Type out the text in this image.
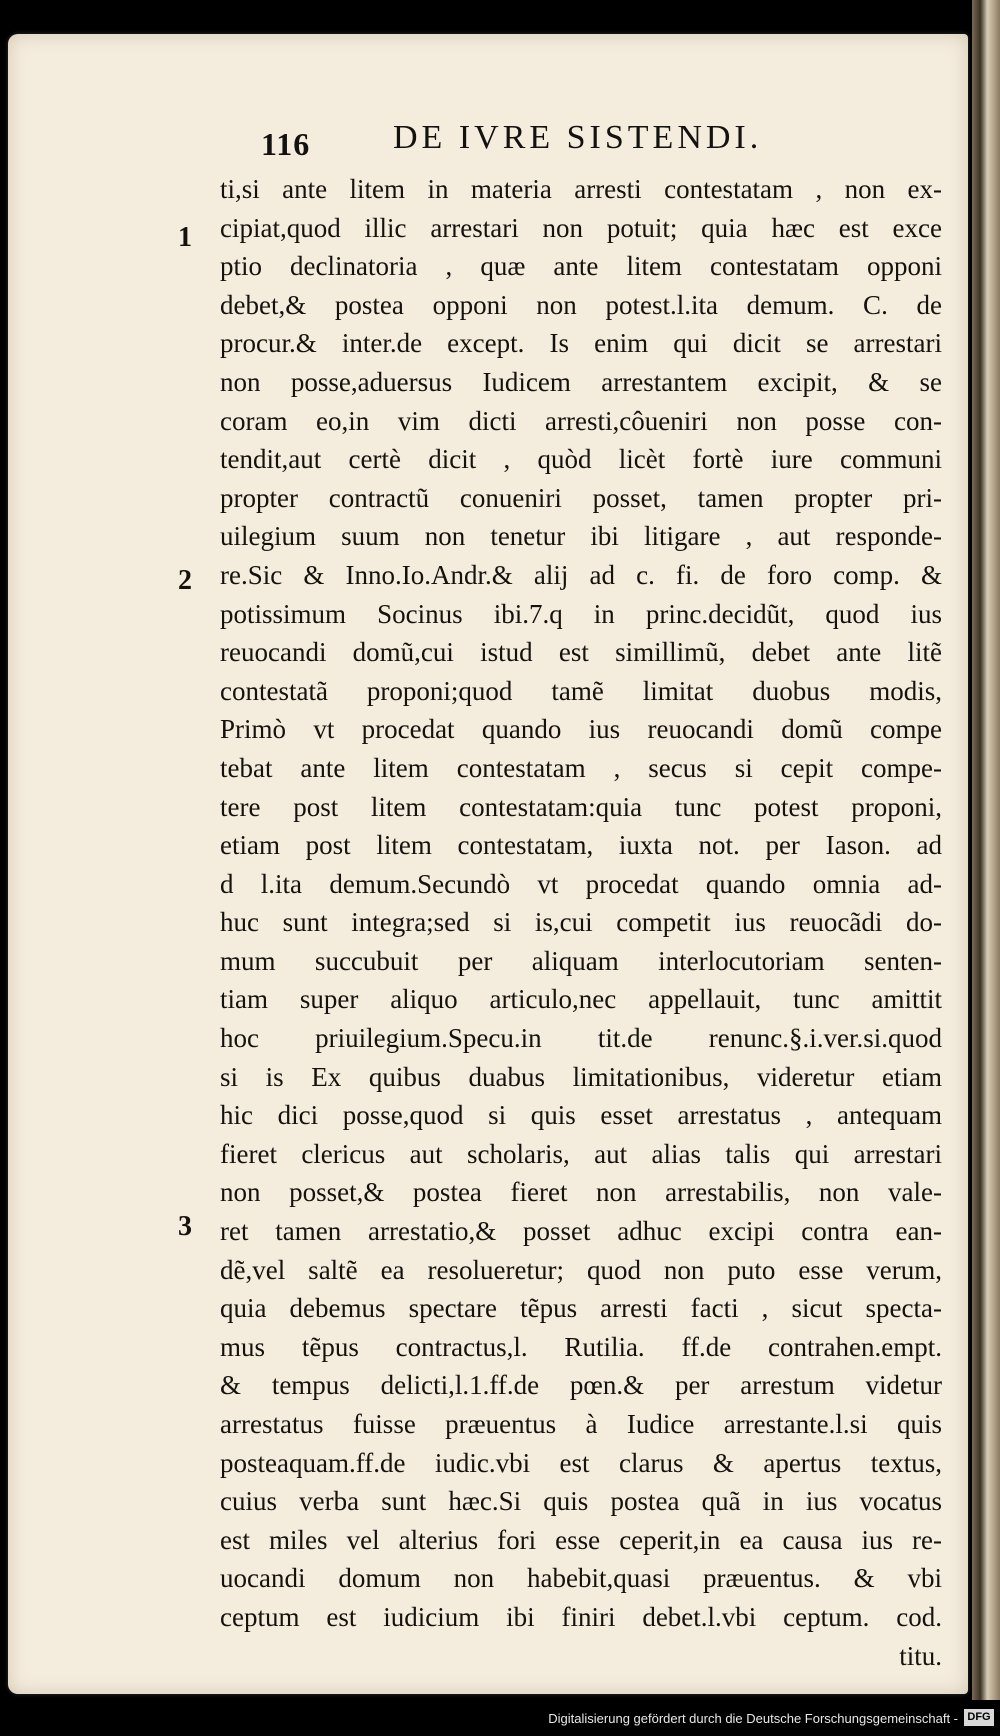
116 DE IVRE SISTENDI.
1
2
3
ti,si ante litem in materia arresti contestatam , non ex-
cipiat,quod illic arrestari non potuit; quia hæc est exce
ptio declinatoria , quæ ante litem contestatam opponi
debet,& postea opponi non potest.l.ita demum. C. de
procur.& inter.de except. Is enim qui dicit se arrestari
non posse,aduersus Iudicem arrestantem excipit, & se
coram eo,in vim dicti arresti,côueniri non posse con-
tendit,aut certè dicit , quòd licèt fortè iure communi
propter contractũ conueniri posset, tamen propter pri-
uilegium suum non tenetur ibi litigare , aut responde-
re.Sic & Inno.Io.Andr.& alij ad c. fi. de foro comp. &
potissimum Socinus ibi.7.q in princ.decidũt, quod ius
reuocandi domũ,cui istud est simillimũ, debet ante litẽ
contestatã proponi;quod tamẽ limitat duobus modis,
Primò vt procedat quando ius reuocandi domũ compe
tebat ante litem contestatam , secus si cepit compe-
tere post litem contestatam:quia tunc potest proponi,
etiam post litem contestatam, iuxta not. per Iason. ad
d l.ita demum.Secundò vt procedat quando omnia ad-
huc sunt integra;sed si is,cui competit ius reuocãdi do-
mum succubuit per aliquam interlocutoriam senten-
tiam super aliquo articulo,nec appellauit, tunc amittit
hoc priuilegium.Specu.in tit.de renunc.§.i.ver.si.quod
si is Ex quibus duabus limitationibus, videretur etiam
hic dici posse,quod si quis esset arrestatus , antequam
fieret clericus aut scholaris, aut alias talis qui arrestari
non posset,& postea fieret non arrestabilis, non vale-
ret tamen arrestatio,& posset adhuc excipi contra ean-
dẽ,vel saltẽ ea resolueretur; quod non puto esse verum,
quia debemus spectare tẽpus arresti facti , sicut specta-
mus tẽpus contractus,l. Rutilia. ff.de contrahen.empt.
& tempus delicti,l.1.ff.de pœn.& per arrestum videtur
arrestatus fuisse præuentus à Iudice arrestante.l.si quis
posteaquam.ff.de iudic.vbi est clarus & apertus textus,
cuius verba sunt hæc.Si quis postea quã in ius vocatus
est miles vel alterius fori esse ceperit,in ea causa ius re-
uocandi domum non habebit,quasi præuentus. & vbi
ceptum est iudicium ibi finiri debet.l.vbi ceptum. cod.
titu.
Digitalisierung gefördert durch die Deutsche Forschungsgemeinschaft - DFG
